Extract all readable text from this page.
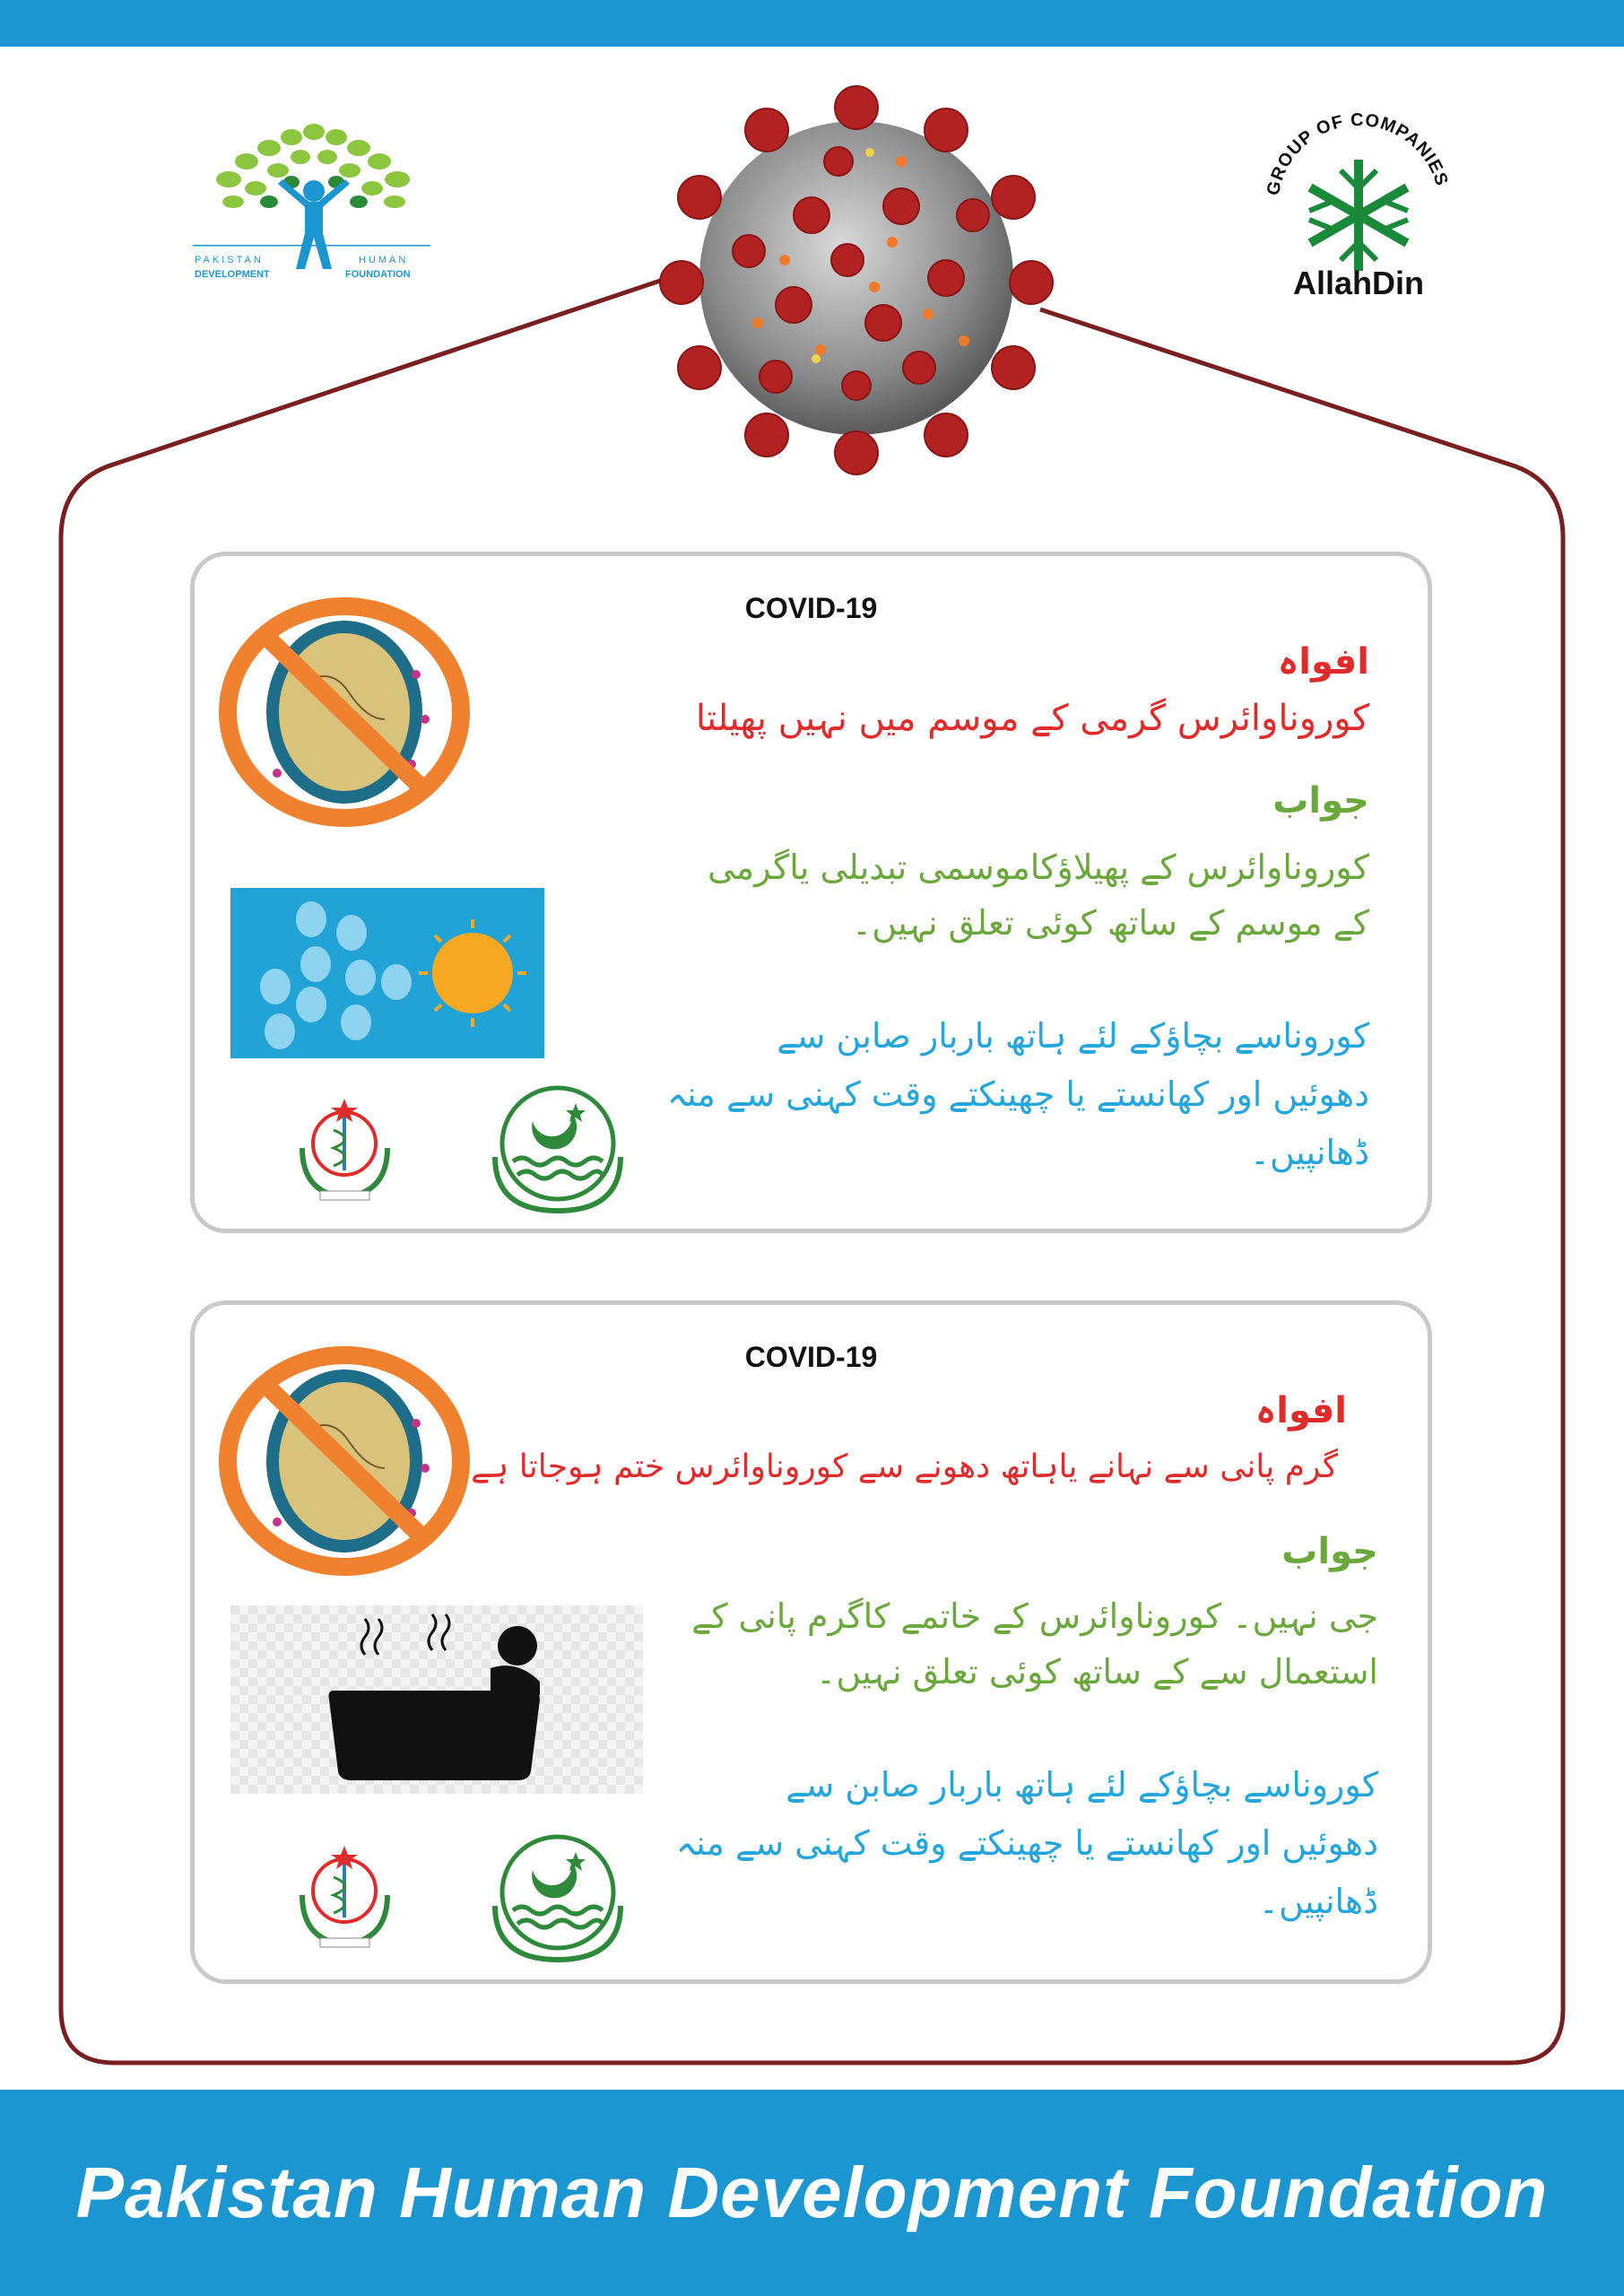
PAKISTAN	HUMAN
DEVELOPMENT	FOUNDATION
GROUP OF COMPANIES
AllahDin
COVID-19
افواہ
کوروناوائرس گرمی کے موسم میں نہیں پھیلتا
جواب
کوروناوائرس کے پھیلاؤکاموسمی تبدیلی یاگرمی
کے موسم کے ساتھ کوئی تعلق نہیں۔
کوروناسے بچاؤکے لئے ہاتھ باربار صابن سے
دھوئیں اور کھانستے یا چھینکتے وقت کہنی سے منہ
ڈھانپیں۔
COVID-19
افواہ
گرم پانی سے نہانے یاہاتھ دھونے سے کوروناوائرس ختم ہوجاتا ہے
جواب
جی نہیں۔ کوروناوائرس کے خاتمے کاگرم پانی کے
استعمال سے کے ساتھ کوئی تعلق نہیں۔
کوروناسے بچاؤکے لئے ہاتھ باربار صابن سے
دھوئیں اور کھانستے یا چھینکتے وقت کہنی سے منہ
ڈھانپیں۔
Pakistan Human Development Foundation
